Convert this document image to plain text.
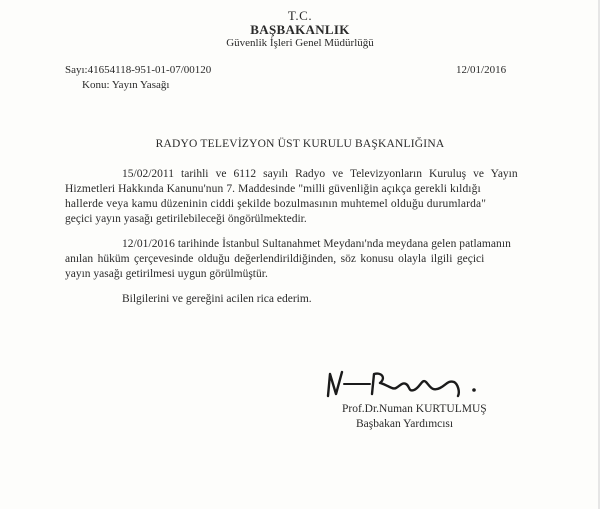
T.C.
BAŞBAKANLIK
Güvenlik İşleri Genel Müdürlüğü
Sayı:41654118-951-01-07/00120	12/01/2016
Konu: Yayın Yasağı
RADYO TELEVİZYON ÜST KURULU BAŞKANLIĞINA
15/02/2011 tarihli ve 6112 sayılı Radyo ve Televizyonların Kuruluş ve Yayın
Hizmetleri Hakkında Kanunu'nun 7. Maddesinde "milli güvenliğin açıkça gerekli kıldığı
hallerde veya kamu düzeninin ciddi şekilde bozulmasının muhtemel olduğu durumlarda"
geçici yayın yasağı getirilebileceği öngörülmektedir.
12/01/2016 tarihinde İstanbul Sultanahmet Meydanı'nda meydana gelen patlamanın
anılan hüküm çerçevesinde olduğu değerlendirildiğinden, söz konusu olayla ilgili geçici
yayın yasağı getirilmesi uygun görülmüştür.
Bilgilerini ve gereğini acilen rica ederim.
Prof.Dr.Numan KURTULMUŞ
Başbakan Yardımcısı
